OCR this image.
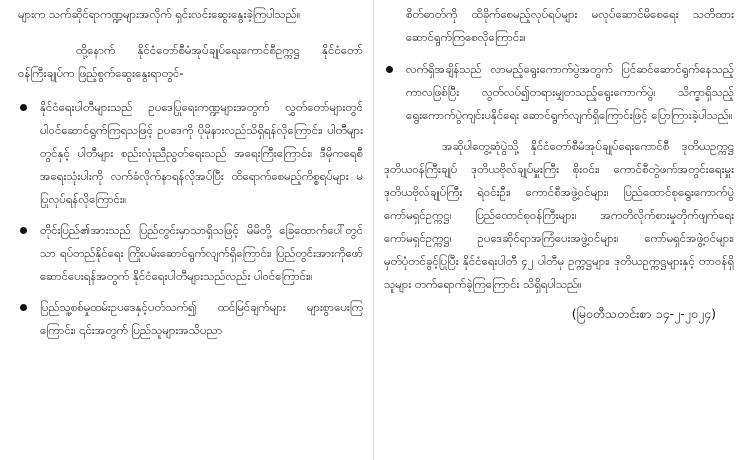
များက သက်ဆိုင်ရာကဏ္ဍများအလိုက် ရှင်းလင်းဆွေးနွေးခဲ့ကြပါသည်။

ထို့နောက် နိုင်ငံတော်စီမံအုပ်ချုပ်ရေးကောင်စီဥက္ကဋ္ဌ နိုင်ငံတော်ဝန်ကြီးချုပ်က ဖြည့်စွက်ဆွေးနွေးရာတွင်-

နိုင်ငံရေးပါတီများသည် ဥပဒေပြုရေးကဏ္ဍများအတွက် လွှတ်တော်များတွင် ပါဝင်ဆောင်ရွက်ကြရသဖြင့် ဥပဒေကို ပိုမိုနားလည်သိရှိရန်လိုကြောင်း၊ ပါတီများတွင်နှင့် ပါတီများ စည်းလုံးညီညွတ်ရေးသည် အရေးကြီးကြောင်း၊ ဒီမိုကရေစီ အရေးသုံးပါးကို လက်ခံလိုက်နာရန်လိုအပ်ပြီး ထိရောက်စေမည့်ကိစ္စရပ်များ မပြုလုပ်ရန်လိုကြောင်း။
တိုင်းပြည်၏အားသည် ပြည်တွင်းမှာသာရှိသဖြင့် မိမိတို့ ခြေထောက်ပေါ်တွင်သာ ရပ်တည်နိုင်ရေး ကြိုးပမ်းဆောင်ရွက်လျက်ရှိကြောင်း၊ ပြည်တွင်းအားကိုဖော်ဆောင်ပေးရန်အတွက် နိုင်ငံရေးပါတီများသည်လည်း ပါဝင်ကြောင်း။
ပြည်သူ့စစ်မှုထမ်းဥပဒေနှင့်ပတ်သက်၍ ထင်မြင်ချက်များ များစွာပေးကြကြောင်း၊ ၎င်းအတွက် ပြည်သူများအသိပညာ

စိတ်ဓာတ်ကို ထိခိုက်စေမည့်လုပ်ရပ်များ မလုပ်ဆောင်မိစေရေး သတိထားဆောင်ရွက်ကြစေလိုကြောင်း။

လက်ရှိအချိန်သည် လာမည့်ရွေးကောက်ပွဲအတွက် ပြင်ဆင်ဆောင်ရွက်နေသည့်ကာလဖြစ်ပြီး လွတ်လပ်၍တရားမျှတသည့်ရွေးကောက်ပွဲ၊ သိက္ခာရှိသည့်ရွေးကောက်ပွဲကျင်းပနိုင်ရေး ဆောင်ရွက်လျက်ရှိကြောင်းဖြင့် ပြောကြားခဲ့ပါသည်။

အဆိုပါတွေ့ဆုံပွဲသို့ နိုင်ငံတော်စီမံအုပ်ချုပ်ရေးကောင်စီ ဒုတိယဥက္ကဋ္ဌ ဒုတိယဝန်ကြီးချုပ် ဒုတိယဗိုလ်ချုပ်မှူးကြီး စိုးဝင်း၊ ကောင်စီတွဲဖက်အတွင်းရေးမှူး ဒုတိယဗိုလ်ချုပ်ကြီး ရဲဝင်းဦး၊ ကောင်စီအဖွဲ့ဝင်များ၊ ပြည်ထောင်စုရွေးကောက်ပွဲကော်မရှင်ဥက္ကဋ္ဌ၊ ပြည်ထောင်စုဝန်ကြီးများ၊ အကတိလိုက်စားမှုတိုက်ဖျက်ရေးကော်မရှင်ဥက္ကဋ္ဌ၊ ဥပဒေဆိုင်ရာအကြံပေးအဖွဲ့ဝင်များ၊ ကော်မရှင်အဖွဲ့ဝင်များ၊ မှတ်ပုံတင်ခွင့်ပြုပြီး နိုင်ငံရေးပါတီ ၄၂ ပါတီမှ ဥက္ကဋ္ဌများ၊ ဒုတိယဥက္ကဋ္ဌများနှင့် တာဝန်ရှိသူများ တက်ရောက်ခဲ့ကြကြောင်း သိရှိရပါသည်။

(မြဝတီသတင်းစာ ၁၄-၂-၂၀၂၄)
